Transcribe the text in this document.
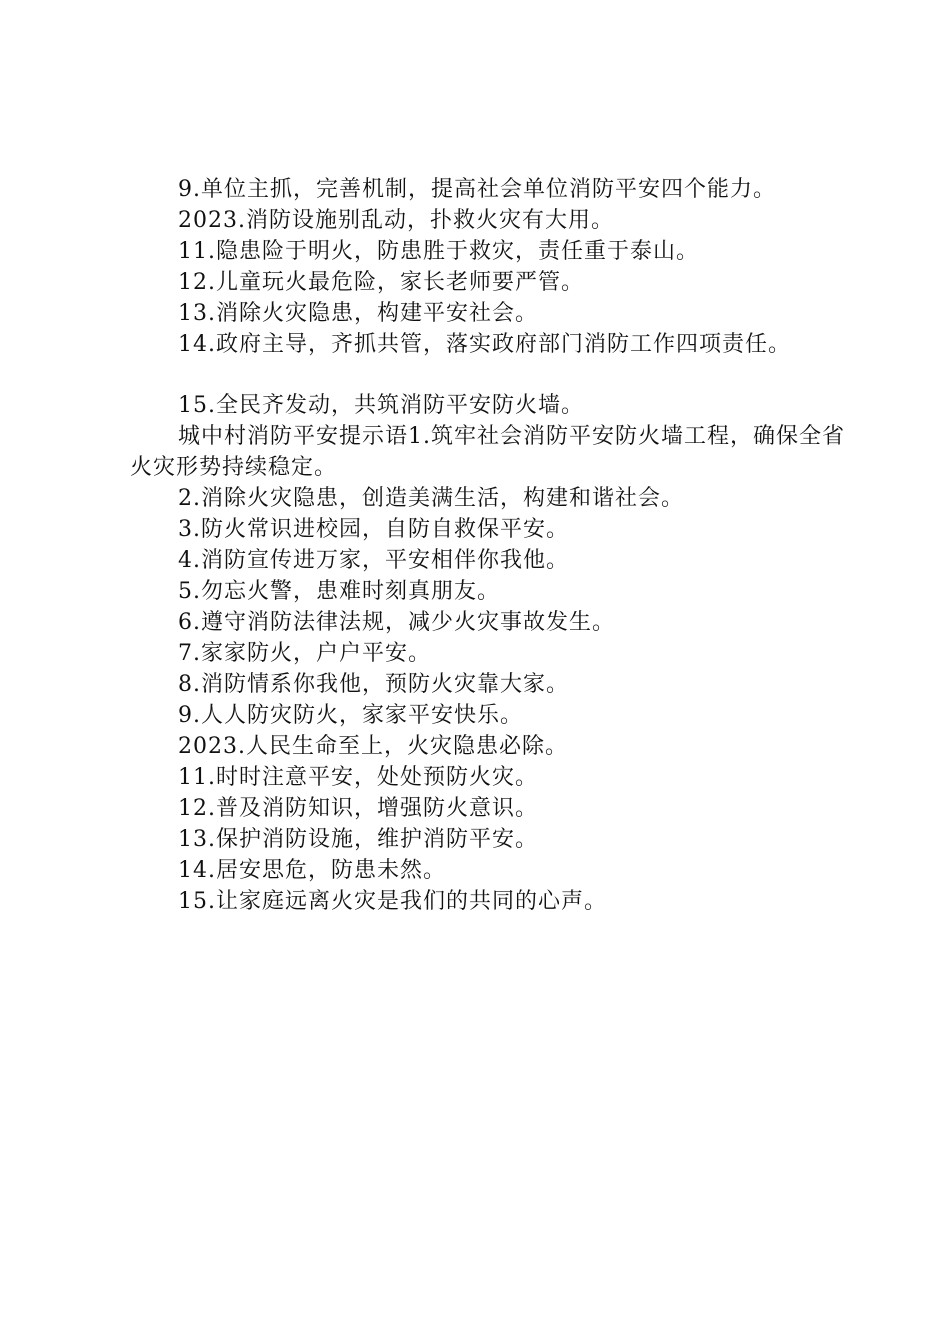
9.单位主抓，完善机制，提高社会单位消防平安四个能力。
2023.消防设施别乱动，扑救火灾有大用。
11.隐患险于明火，防患胜于救灾，责任重于泰山。
12.儿童玩火最危险，家长老师要严管。
13.消除火灾隐患，构建平安社会。
14.政府主导，齐抓共管，落实政府部门消防工作四项责任。
15.全民齐发动，共筑消防平安防火墙。
城中村消防平安提示语1.筑牢社会消防平安防火墙工程，确保全省火灾形势持续稳定。
2.消除火灾隐患，创造美满生活，构建和谐社会。
3.防火常识进校园，自防自救保平安。
4.消防宣传进万家，平安相伴你我他。
5.勿忘火警，患难时刻真朋友。
6.遵守消防法律法规，减少火灾事故发生。
7.家家防火，户户平安。
8.消防情系你我他，预防火灾靠大家。
9.人人防灾防火，家家平安快乐。
2023.人民生命至上，火灾隐患必除。
11.时时注意平安，处处预防火灾。
12.普及消防知识，增强防火意识。
13.保护消防设施，维护消防平安。
14.居安思危，防患未然。
15.让家庭远离火灾是我们的共同的心声。
